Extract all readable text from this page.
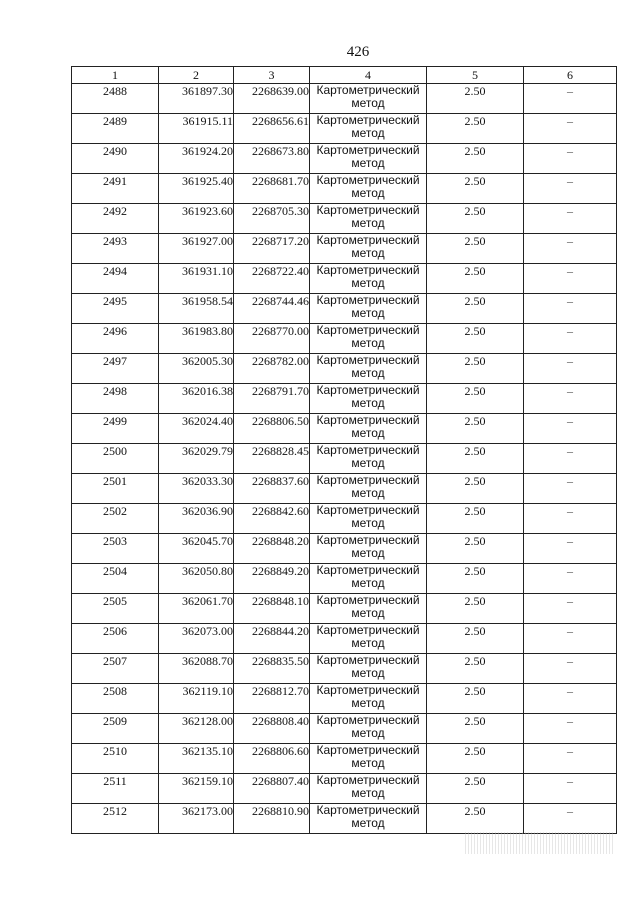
426
1	2	3	4	5	6
2488	361897.30	2268639.00	Картометрический метод	2.50	–
2489	361915.11	2268656.61	Картометрический метод	2.50	–
2490	361924.20	2268673.80	Картометрический метод	2.50	–
2491	361925.40	2268681.70	Картометрический метод	2.50	–
2492	361923.60	2268705.30	Картометрический метод	2.50	–
2493	361927.00	2268717.20	Картометрический метод	2.50	–
2494	361931.10	2268722.40	Картометрический метод	2.50	–
2495	361958.54	2268744.46	Картометрический метод	2.50	–
2496	361983.80	2268770.00	Картометрический метод	2.50	–
2497	362005.30	2268782.00	Картометрический метод	2.50	–
2498	362016.38	2268791.70	Картометрический метод	2.50	–
2499	362024.40	2268806.50	Картометрический метод	2.50	–
2500	362029.79	2268828.45	Картометрический метод	2.50	–
2501	362033.30	2268837.60	Картометрический метод	2.50	–
2502	362036.90	2268842.60	Картометрический метод	2.50	–
2503	362045.70	2268848.20	Картометрический метод	2.50	–
2504	362050.80	2268849.20	Картометрический метод	2.50	–
2505	362061.70	2268848.10	Картометрический метод	2.50	–
2506	362073.00	2268844.20	Картометрический метод	2.50	–
2507	362088.70	2268835.50	Картометрический метод	2.50	–
2508	362119.10	2268812.70	Картометрический метод	2.50	–
2509	362128.00	2268808.40	Картометрический метод	2.50	–
2510	362135.10	2268806.60	Картометрический метод	2.50	–
2511	362159.10	2268807.40	Картометрический метод	2.50	–
2512	362173.00	2268810.90	Картометрический метод	2.50	–
